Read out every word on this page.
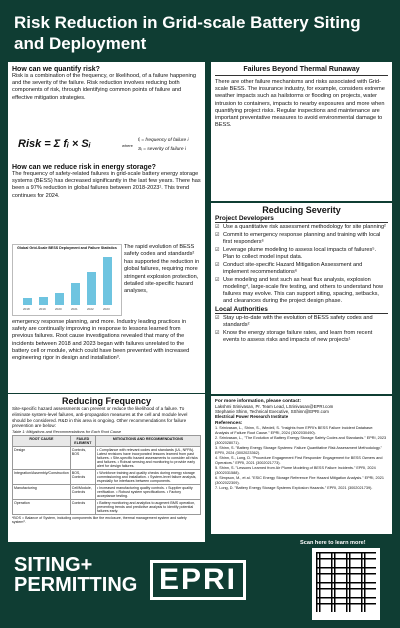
Risk Reduction in Grid-scale Battery Siting and Deployment
How can we quantify risk?

Risk is a combination of the frequency, or likelihood, of a failure happening and the severity of the failure. Risk reduction involves reducing both components of risk, through identifying common points of failure and effective mitigation strategies.

Risk = Σ fᵢ × Sᵢ	where
fᵢ = frequency of failure i
Sᵢ = severity of failure i
How can we reduce risk in energy storage?

The frequency of safety-related failures in grid-scale battery energy storage systems (BESS) has decreased significantly in the last few years. There has been a 97% reduction in global failures between 2018-2023¹. This trend continues for 2024.

Global Grid-Scale BESS Deployment and Failure Statistics
2018	2019	2020	2021	2022	2023

The rapid evolution of BESS safety codes and standards² has supported the reduction in global failures, requiring more stringent explosion protection, detailed site-specific hazard analyses,

emergency response planning, and more. Industry leading practices in safety are continually improving in response to lessons learned from previous failures. Root cause investigations revealed that many of the incidents between 2018 and 2023 began with failures unrelated to the battery cell or module, which could have been prevented with increased engineering rigor in design and installation³.

Failures Beyond Thermal Runaway

There are other failure mechanisms and risks associated with Grid-scale BESS. The insurance industry, for example, considers extreme weather impacts such as hailstorms or flooding on projects, water intrusion to containers, impacts to nearby exposures and more when quantifying project risks. Regular inspections and maintenance are important preventative measures to avoid environmental damage to BESS.

Reducing Severity
Project Developers
☑ Use a quantitative risk assessment methodology for site planning²
☑ Commit to emergency response planning and training with local first responders⁶
☑ Leverage plume modeling to assess local impacts of failures⁵. Plan to collect model input data.
☑ Conduct site-specific Hazard Mitigation Assessment and implement recommendations⁶
☑ Use modeling and test such as heat flux analysis, explosion modeling⁴, large-scale fire testing, and others to understand how failures may evolve. This can support siting, spacing, setbacks, and clearances during the project design phase.
Local Authorities
☑ Stay up-to-date with the evolution of BESS safety codes and standards²
☑ Know the energy storage failure rates, and learn from recent events to assess risks and impacts of new projects¹
Reducing Frequency

Site-specific hazard assessments can prevent or reduce the likelihood of a failure. To eliminate system-level failures, anti-propagation measures at the cell and module level should be considered. R&D in this area is ongoing. Other recommendations for failure prevention are below:

Table 1: Mitigations and Recommendations for Each Root Cause
ROOT CAUSE	FAILED ELEMENT	MITIGATIONS AND RECOMMENDATIONS
Design	Controls, BOS	• Compliance with relevant codes and standards (UL, NFPA). Latest revisions have incorporated lessons learned from past failures. • Site-specific hazard assessments to consider all risks and failures. • Robust sensing and monitoring to provide early alert for design failures.
Integration/Assembly/Construction	BOS, Controls	• Workforce training and quality checks during energy storage commissioning and installation. • System-level failure analysis, especially for interfaces between components.
Manufacturing	Cell/Module, Controls	• Increased manufacturing quality controls. • Supplier quality verification. • Robust system specifications. • Factory acceptance testing.
Operation	Controls	• Battery monitoring and analytics to augment BMS operation, preventing trends and predictive analysis to identify potential failures early.
*BOS = Balance of System, including components like the enclosure, thermal management system and safety system³.
For more information, please contact:
Lakshmi Srinivasan, Pr. Team Lead, LSrinivasan@EPRI.com
Stephanie Shinn, Technical Executive, SShinn@EPRI.com
Electrical Power Research Institute
References:
1. Srinivasan, L., Shinn, S., Wiedell, S. "Insights from EPRI's BESS Failure Incident Database: Analysis of Failure Root Cause." EPRI, 2024 (3002030490).
2. Srinivasan, L., "The Evolution of Battery Energy Storage Safety Codes and Standards." EPRI, 2023 (3002028071).
3. Shinn, S. "Battery Energy Storage Systems: Failure Quantitative Risk Assessment Methodology." EPRI, 2024 (3002023362).
4. Shinn, S., Long, D. "Procedure Engagement First Responder Engagement for BESS Owners and Operators." EPRI, 2021 (3002021773).
5. Shinn, S. "Lessons Learned from Air Plume Modeling of BESS Failure Incidents." EPRI, 2024 (3002031588).
6. Simpson, M., et al. "ESIC Energy Storage Reference Fire Hazard Mitigation Analysis." EPRI, 2021 (3002022309).
7. Long, D. "Battery Energy Storage Systems Explosion Hazards." EPRI, 2021 (3002021739).
SITING+
PERMITTING EPRI
Scan here to learn more!
